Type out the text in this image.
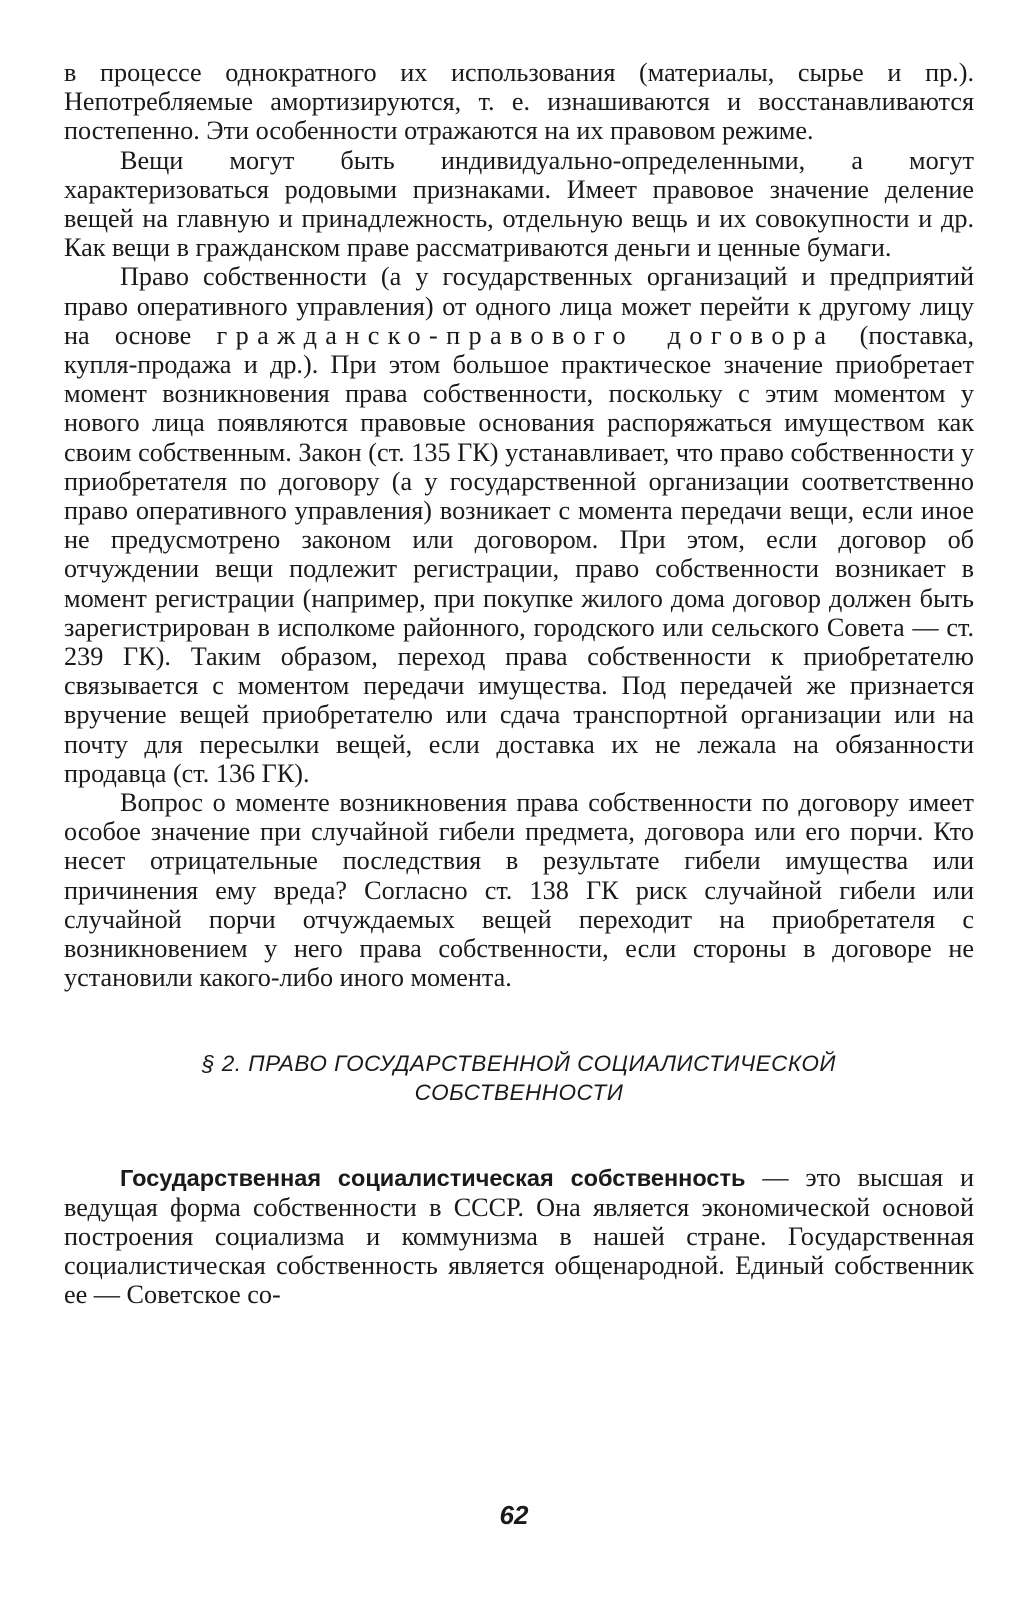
в процессе однократного их использования (материалы, сырье и пр.). Непотребляемые амортизируются, т. е. изнашиваются и восстанавливаются постепенно. Эти особенности отражаются на их правовом режиме.

Вещи могут быть индивидуально-определенными, а могут характеризоваться родовыми признаками. Имеет правовое значение деление вещей на главную и принадлежность, отдельную вещь и их совокупности и др. Как вещи в гражданском праве рассматриваются деньги и ценные бумаги.

Право собственности (а у государственных организаций и предприятий право оперативного управления) от одного лица может перейти к другому лицу на основе гражданско-правового договора (поставка, купля-продажа и др.). При этом большое практическое значение приобретает момент возникновения права собственности, поскольку с этим моментом у нового лица появляются правовые основания распоряжаться имуществом как своим собственным. Закон (ст. 135 ГК) устанавливает, что право собственности у приобретателя по договору (а у государственной организации соответственно право оперативного управления) возникает с момента передачи вещи, если иное не предусмотрено законом или договором. При этом, если договор об отчуждении вещи подлежит регистрации, право собственности возникает в момент регистрации (например, при покупке жилого дома договор должен быть зарегистрирован в исполкоме районного, городского или сельского Совета — ст. 239 ГК). Таким образом, переход права собственности к приобретателю связывается с моментом передачи имущества. Под передачей же признается вручение вещей приобретателю или сдача транспортной организации или на почту для пересылки вещей, если доставка их не лежала на обязанности продавца (ст. 136 ГК).

Вопрос о моменте возникновения права собственности по договору имеет особое значение при случайной гибели предмета, договора или его порчи. Кто несет отрицательные последствия в результате гибели имущества или причинения ему вреда? Согласно ст. 138 ГК риск случайной гибели или случайной порчи отчуждаемых вещей переходит на приобретателя с возникновением у него права собственности, если стороны в договоре не установили какого-либо иного момента.

§ 2. ПРАВО ГОСУДАРСТВЕННОЙ СОЦИАЛИСТИЧЕСКОЙ
СОБСТВЕННОСТИ

Государственная социалистическая собственность — это высшая и ведущая форма собственности в СССР. Она является экономической основой построения социализма и коммунизма в нашей стране. Государственная социалистическая собственность является общенародной. Единый собственник ее — Советское со-

62
